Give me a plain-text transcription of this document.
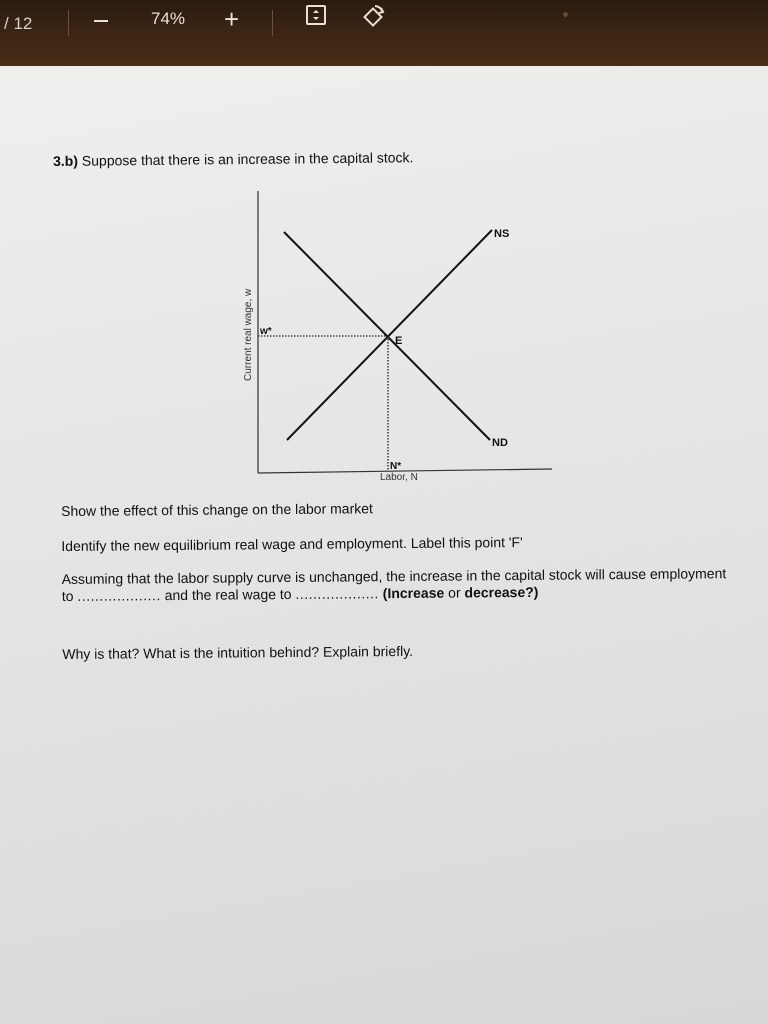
/ 12	74% +
3.b) Suppose that there is an increase in the capital stock.
NS
ND
E
w*
N*
Labor, N
Current real wage, w

Show the effect of this change on the labor market

Identify the new equilibrium real wage and employment. Label this point 'F'

Assuming that the labor supply curve is unchanged, the increase in the capital stock will cause employment to ................... and the real wage to ................... (Increase or decrease?)

Why is that? What is the intuition behind? Explain briefly.
